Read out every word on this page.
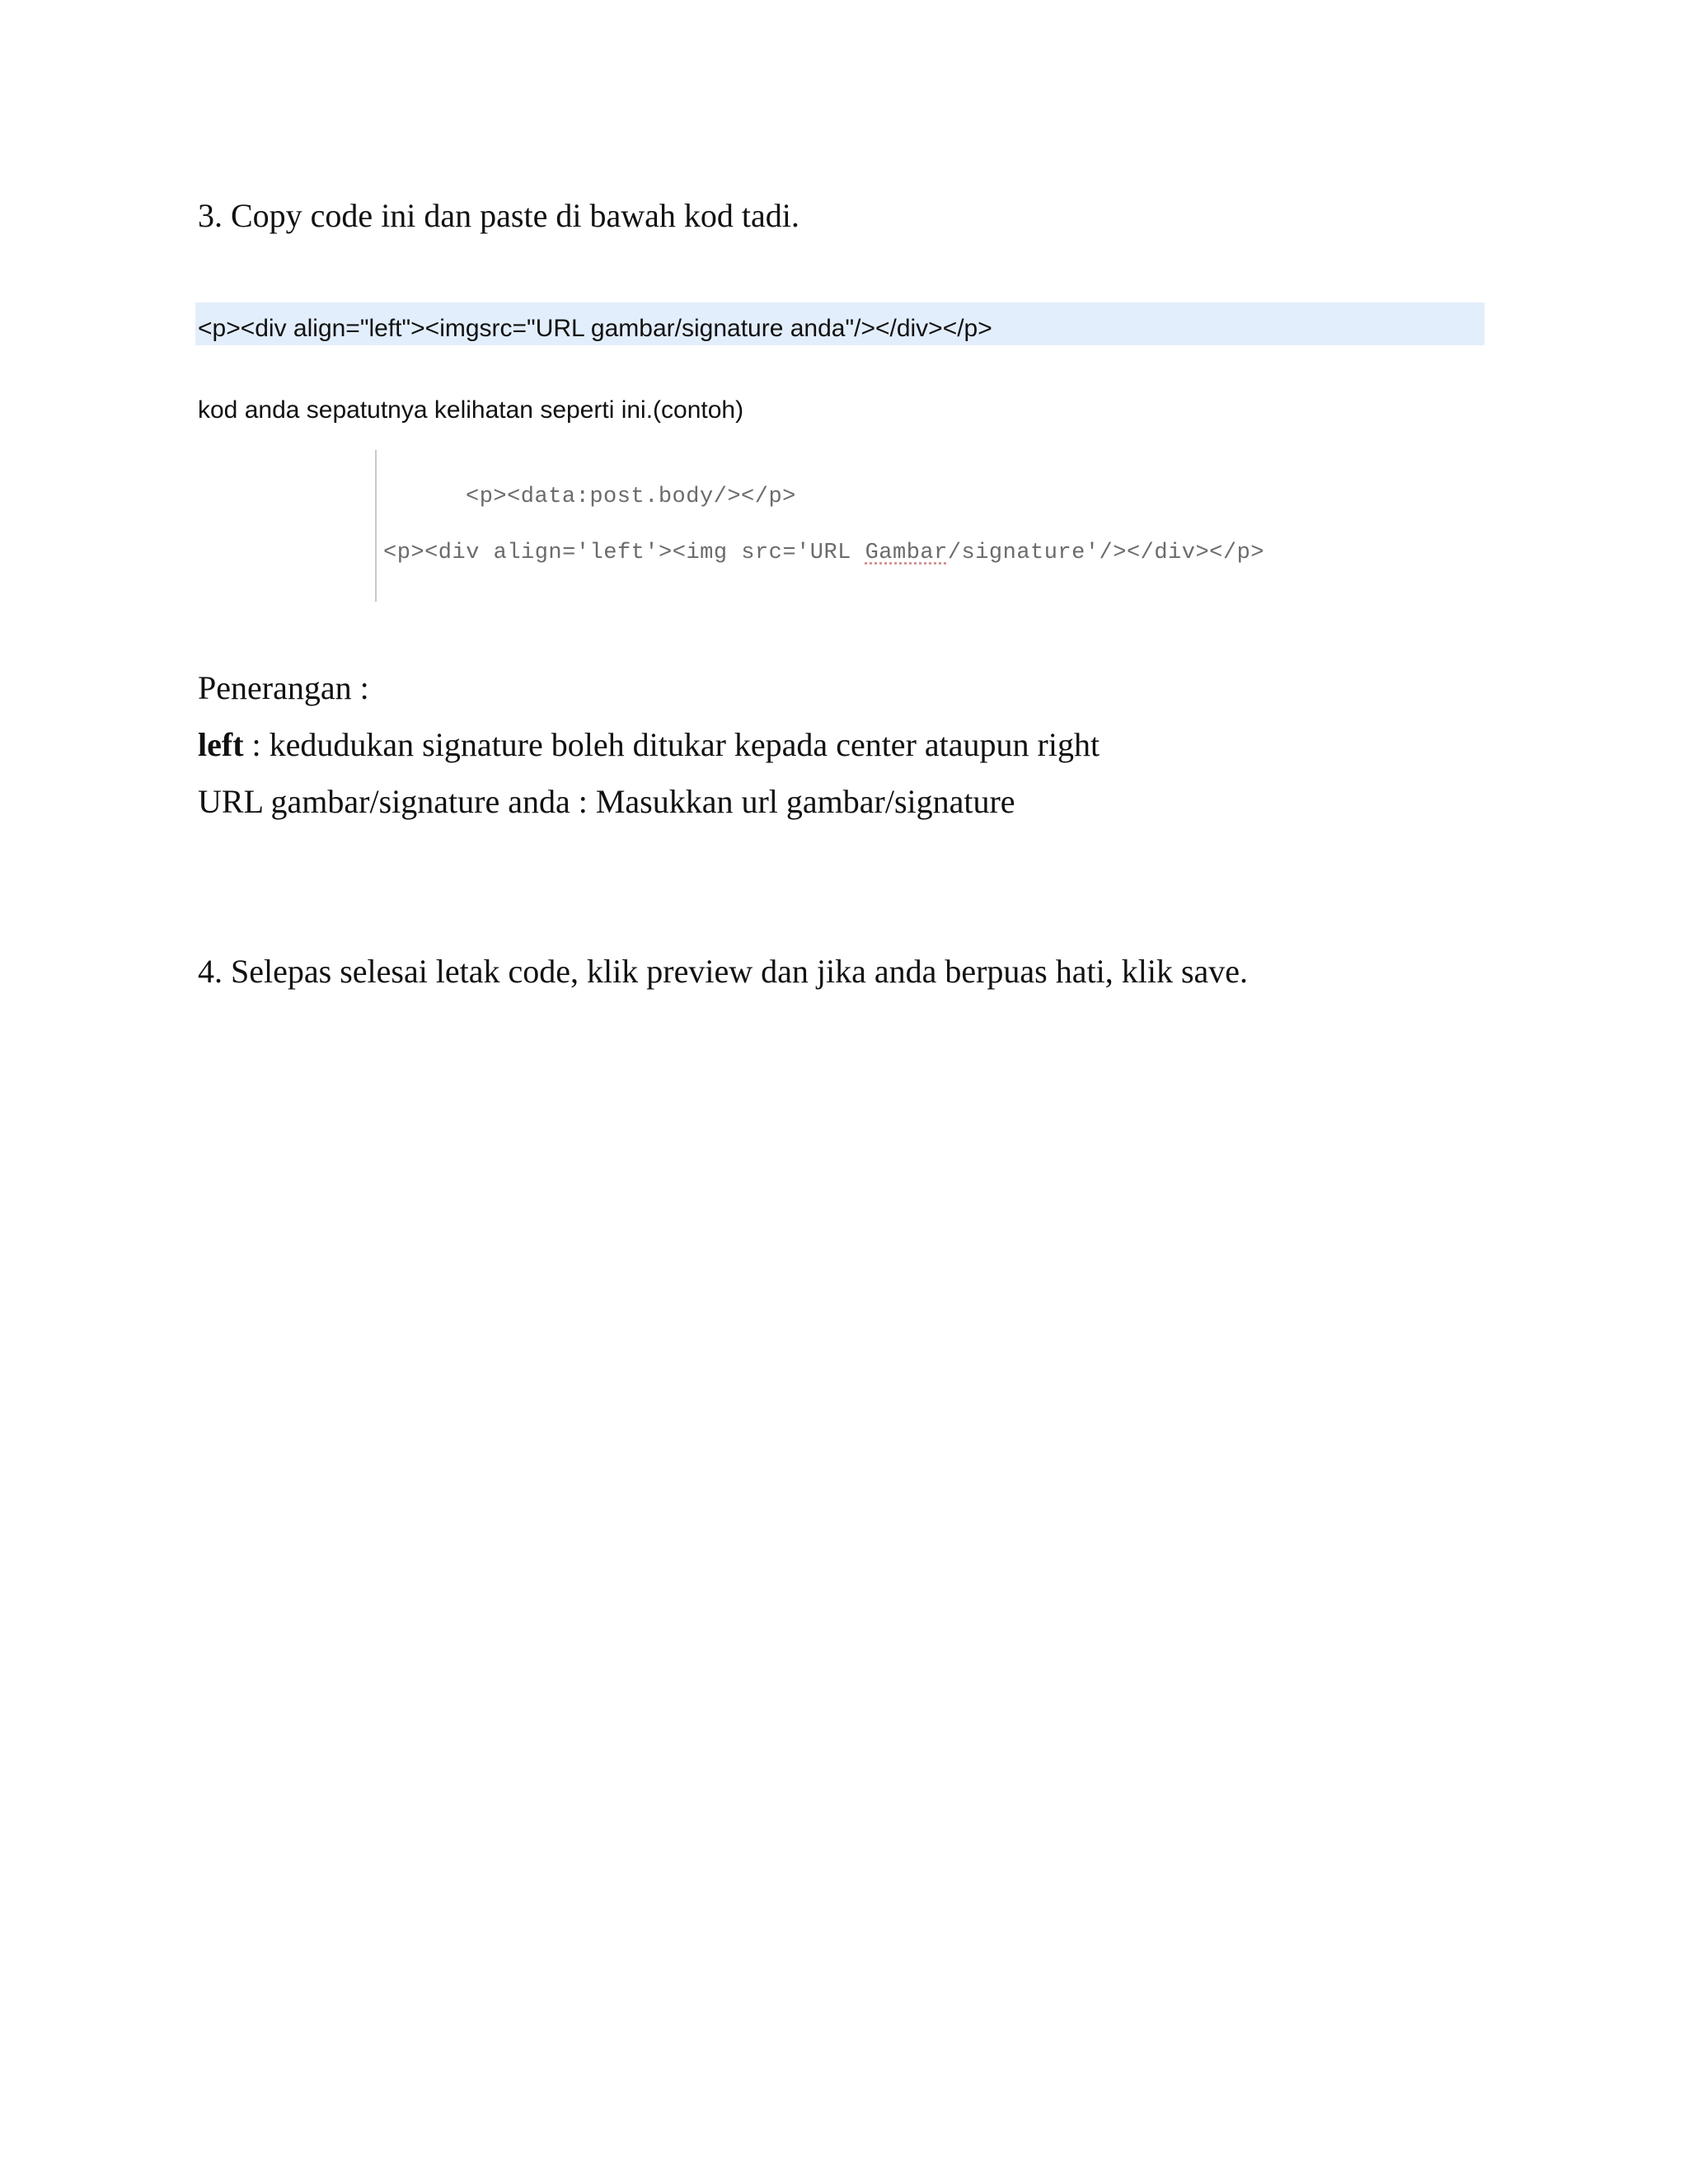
3. Copy code ini dan paste di bawah kod tadi.
<p><div align="left"><imgsrc="URL gambar/signature anda"/></div></p>
kod anda sepatutnya kelihatan seperti ini.(contoh)
<p><data:post.body/></p>
<p><div align='left'><img src='URL Gambar/signature'/></div></p>
Penerangan :
left : kedudukan signature boleh ditukar kepada center ataupun right
URL gambar/signature anda : Masukkan url gambar/signature
4. Selepas selesai letak code, klik preview dan jika anda berpuas hati, klik save.
